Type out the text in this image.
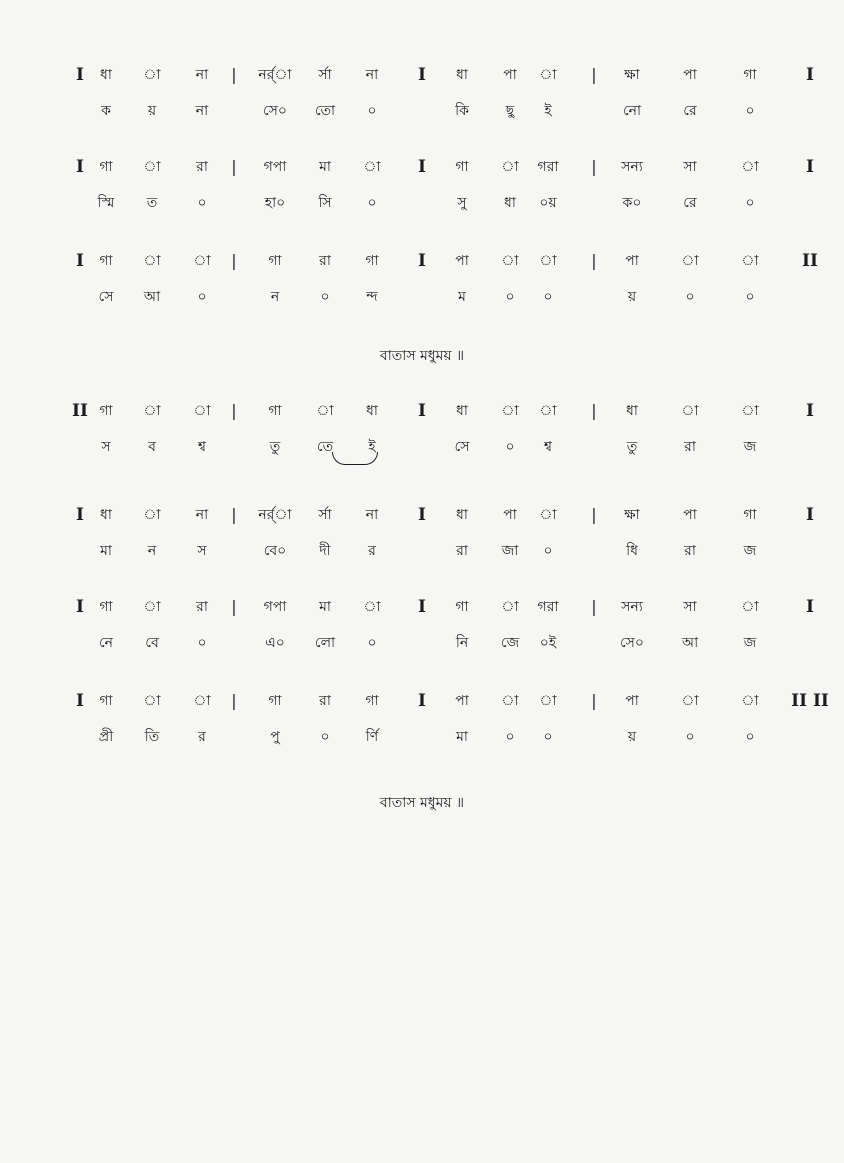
I ধা
ক
া
য়
না
না
| নর্র্া
সে০
র্সা
তো
না
০
I ধা
কি
পা
ছু
া
ই
| ক্ষা
নো
পা
রে
গা
০
I
I গা
স্মি
া
ত
রা
০
| গপা
হা০
মা
সি
া
০
I গা
সু
া
ধা
গরা
০য়
| সন্য
ক০
সা
রে
া
০
I
I গা
সে
া
আ
া
০
| গা
ন
রা
০
গা
ন্দ
I পা
ম
া
০
া
০
| পা
য়
া
০
া
০
II
বাতাস মধুময় ॥
II গা
স
া
ব
া
শ্ব
| গা
তু
া
তে
ধা
ই
I ধা
সে
া
০
া
শ্ব
| ধা
তু
া
রা
া
জ
I
I ধা
মা
া
ন
না
স
| নর্র্া
বে০
র্সা
দী
না
র
I ধা
রা
পা
জা
া
০
| ক্ষা
ধি
পা
রা
গা
জ
I
I গা
নে
া
বে
রা
০
| গপা
এ০
মা
লো
া
০
I গা
নি
া
জে
গরা
০ই
| সন্য
সে০
সা
আ
া
জ
I
I গা
প্রী
া
তি
া
র
| গা
পু
রা
০
গা
র্ণি
I পা
মা
া
০
া
০
| পা
য়
া
০
া
০
II II
বাতাস মধুময় ॥
